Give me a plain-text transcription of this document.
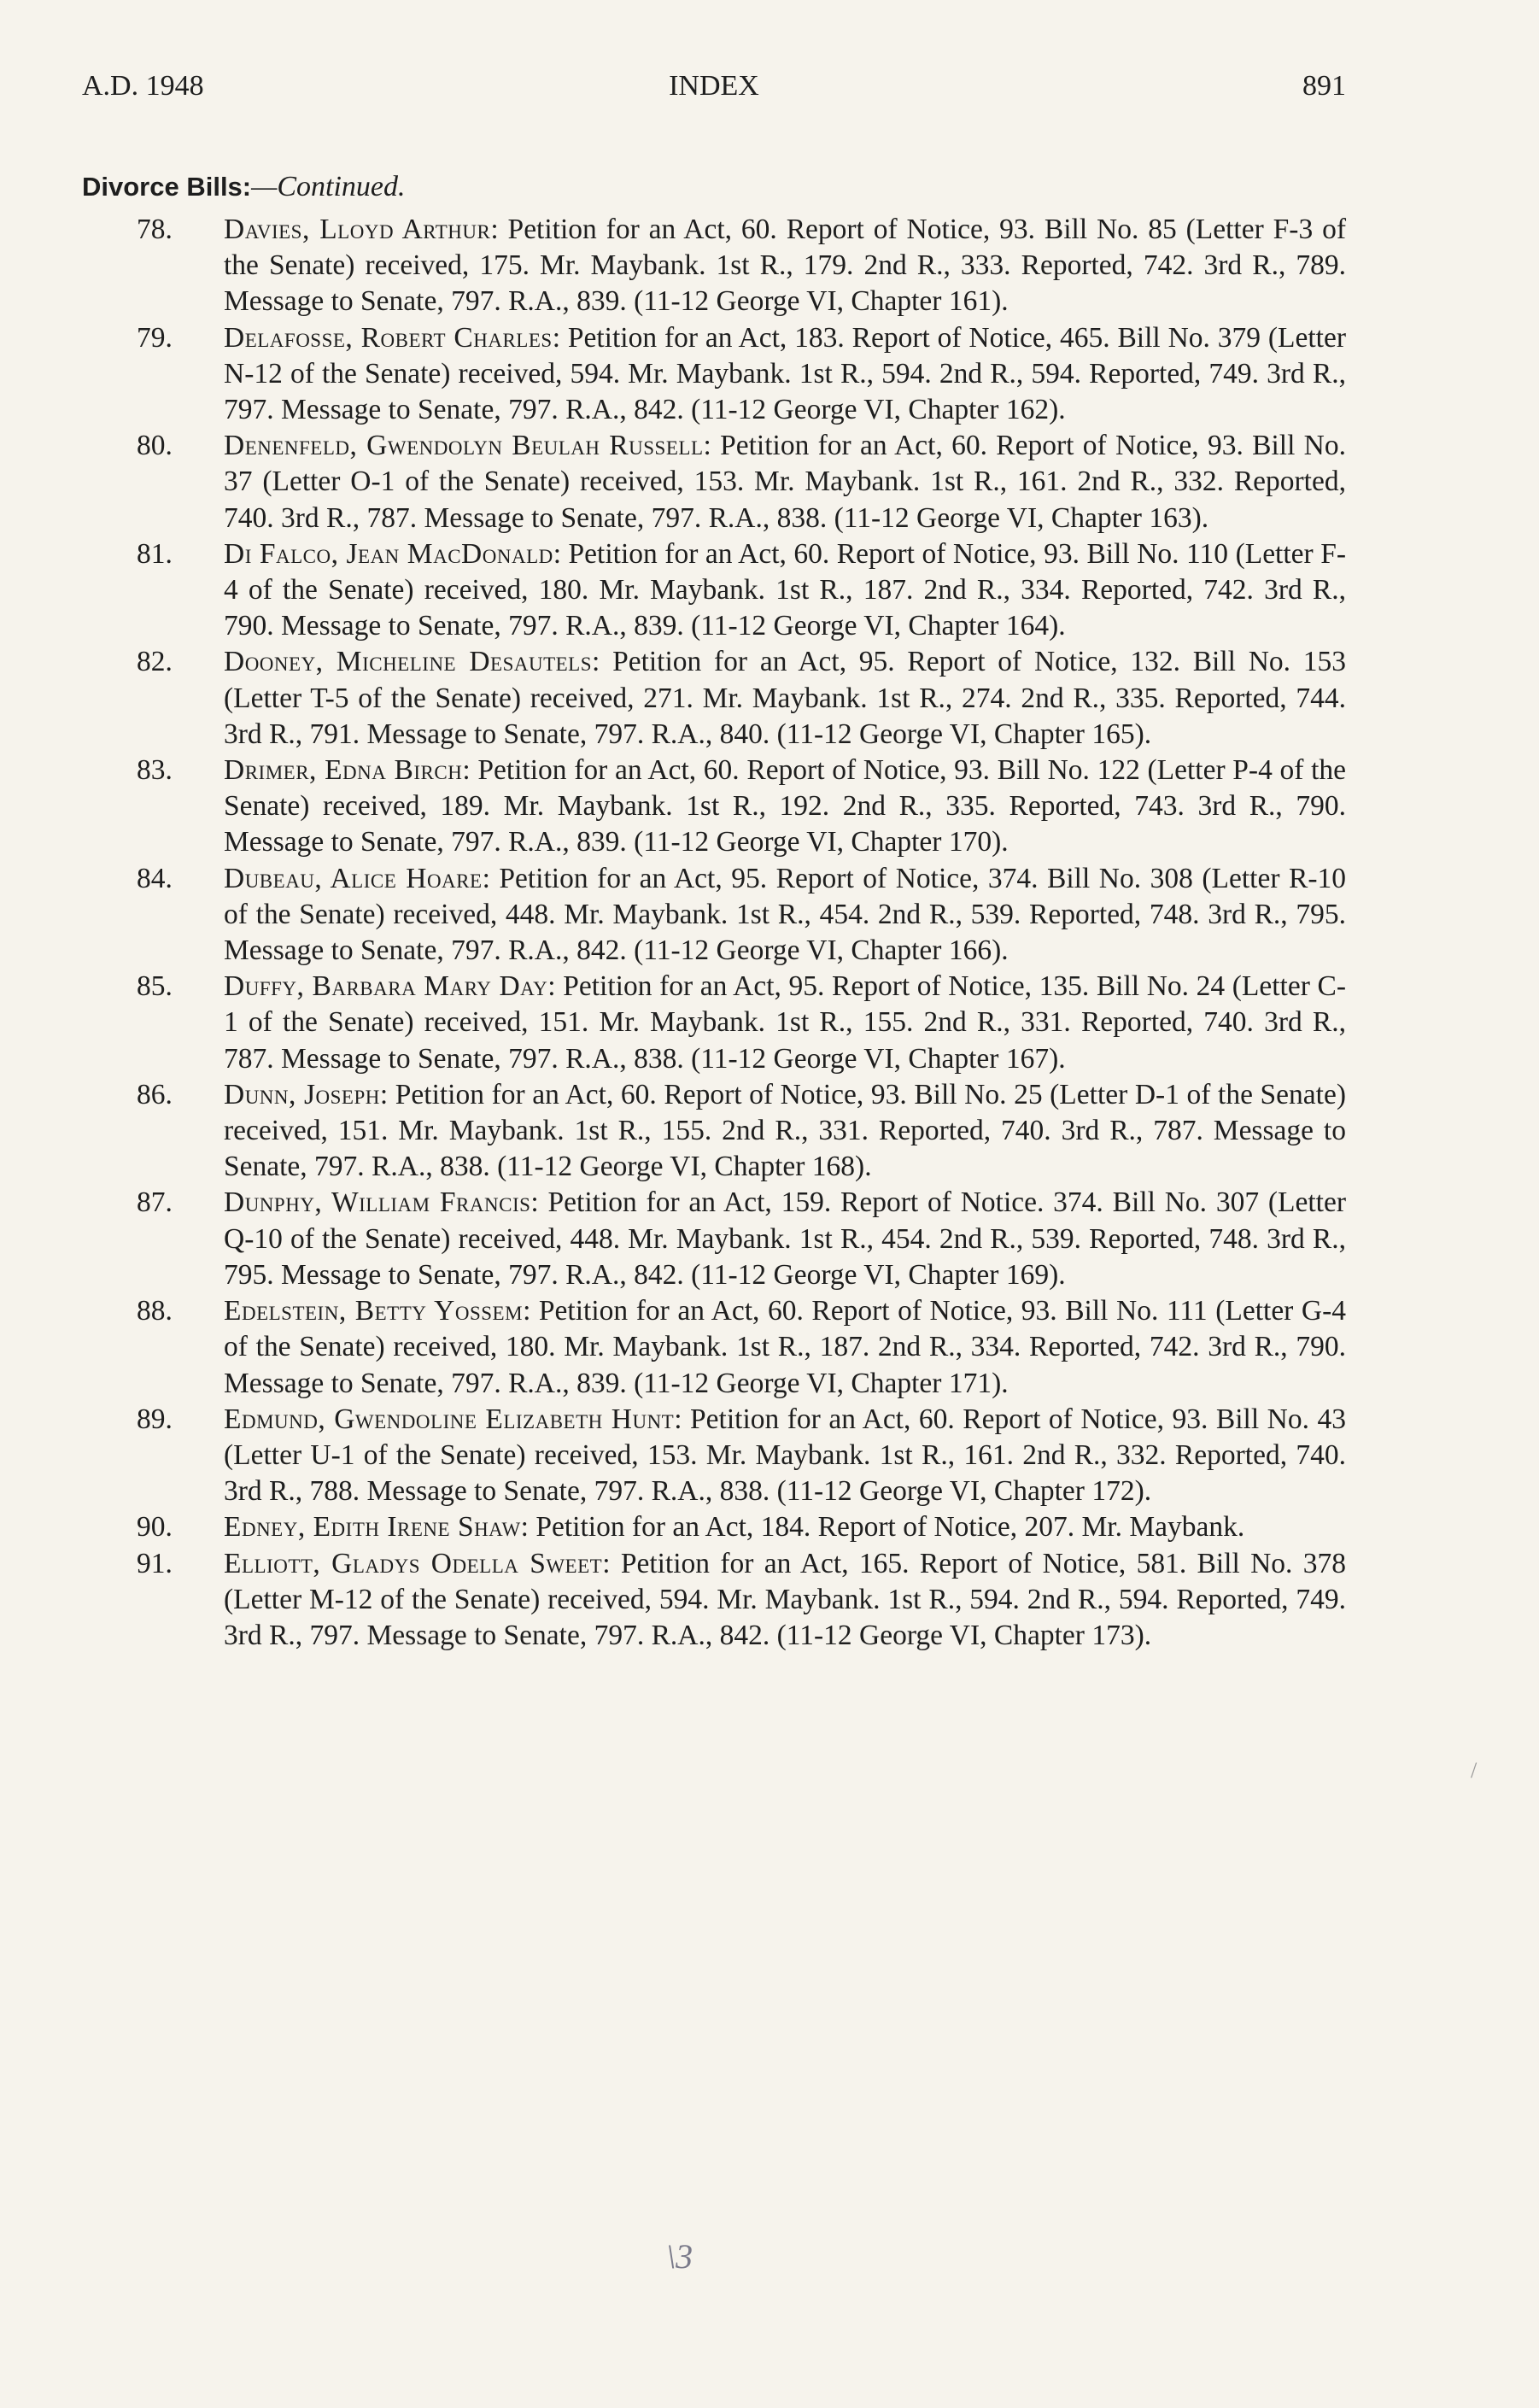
A.D. 1948	INDEX	891
Divorce Bills:—Continued.
78. Davies, Lloyd Arthur: Petition for an Act, 60. Report of Notice, 93. Bill No. 85 (Letter F-3 of the Senate) received, 175. Mr. Maybank. 1st R., 179. 2nd R., 333. Reported, 742. 3rd R., 789. Message to Senate, 797. R.A., 839. (11-12 George VI, Chapter 161).
79. Delafosse, Robert Charles: Petition for an Act, 183. Report of Notice, 465. Bill No. 379 (Letter N-12 of the Senate) received, 594. Mr. Maybank. 1st R., 594. 2nd R., 594. Reported, 749. 3rd R., 797. Message to Senate, 797. R.A., 842. (11-12 George VI, Chapter 162).
80. Denenfeld, Gwendolyn Beulah Russell: Petition for an Act, 60. Report of Notice, 93. Bill No. 37 (Letter O-1 of the Senate) received, 153. Mr. Maybank. 1st R., 161. 2nd R., 332. Reported, 740. 3rd R., 787. Message to Senate, 797. R.A., 838. (11-12 George VI, Chapter 163).
81. Di Falco, Jean MacDonald: Petition for an Act, 60. Report of Notice, 93. Bill No. 110 (Letter F-4 of the Senate) received, 180. Mr. Maybank. 1st R., 187. 2nd R., 334. Reported, 742. 3rd R., 790. Message to Senate, 797. R.A., 839. (11-12 George VI, Chapter 164).
82. Dooney, Micheline Desautels: Petition for an Act, 95. Report of Notice, 132. Bill No. 153 (Letter T-5 of the Senate) received, 271. Mr. Maybank. 1st R., 274. 2nd R., 335. Reported, 744. 3rd R., 791. Message to Senate, 797. R.A., 840. (11-12 George VI, Chapter 165).
83. Drimer, Edna Birch: Petition for an Act, 60. Report of Notice, 93. Bill No. 122 (Letter P-4 of the Senate) received, 189. Mr. Maybank. 1st R., 192. 2nd R., 335. Reported, 743. 3rd R., 790. Message to Senate, 797. R.A., 839. (11-12 George VI, Chapter 170).
84. Dubeau, Alice Hoare: Petition for an Act, 95. Report of Notice, 374. Bill No. 308 (Letter R-10 of the Senate) received, 448. Mr. Maybank. 1st R., 454. 2nd R., 539. Reported, 748. 3rd R., 795. Message to Senate, 797. R.A., 842. (11-12 George VI, Chapter 166).
85. Duffy, Barbara Mary Day: Petition for an Act, 95. Report of Notice, 135. Bill No. 24 (Letter C-1 of the Senate) received, 151. Mr. Maybank. 1st R., 155. 2nd R., 331. Reported, 740. 3rd R., 787. Message to Senate, 797. R.A., 838. (11-12 George VI, Chapter 167).
86. Dunn, Joseph: Petition for an Act, 60. Report of Notice, 93. Bill No. 25 (Letter D-1 of the Senate) received, 151. Mr. Maybank. 1st R., 155. 2nd R., 331. Reported, 740. 3rd R., 787. Message to Senate, 797. R.A., 838. (11-12 George VI, Chapter 168).
87. Dunphy, William Francis: Petition for an Act, 159. Report of Notice. 374. Bill No. 307 (Letter Q-10 of the Senate) received, 448. Mr. Maybank. 1st R., 454. 2nd R., 539. Reported, 748. 3rd R., 795. Message to Senate, 797. R.A., 842. (11-12 George VI, Chapter 169).
88. Edelstein, Betty Yossem: Petition for an Act, 60. Report of Notice, 93. Bill No. 111 (Letter G-4 of the Senate) received, 180. Mr. Maybank. 1st R., 187. 2nd R., 334. Reported, 742. 3rd R., 790. Message to Senate, 797. R.A., 839. (11-12 George VI, Chapter 171).
89. Edmund, Gwendoline Elizabeth Hunt: Petition for an Act, 60. Report of Notice, 93. Bill No. 43 (Letter U-1 of the Senate) received, 153. Mr. Maybank. 1st R., 161. 2nd R., 332. Reported, 740. 3rd R., 788. Message to Senate, 797. R.A., 838. (11-12 George VI, Chapter 172).
90. Edney, Edith Irene Shaw: Petition for an Act, 184. Report of Notice, 207. Mr. Maybank.
91. Elliott, Gladys Odella Sweet: Petition for an Act, 165. Report of Notice, 581. Bill No. 378 (Letter M-12 of the Senate) received, 594. Mr. Maybank. 1st R., 594. 2nd R., 594. Reported, 749. 3rd R., 797. Message to Senate, 797. R.A., 842. (11-12 George VI, Chapter 173).
/
\3
